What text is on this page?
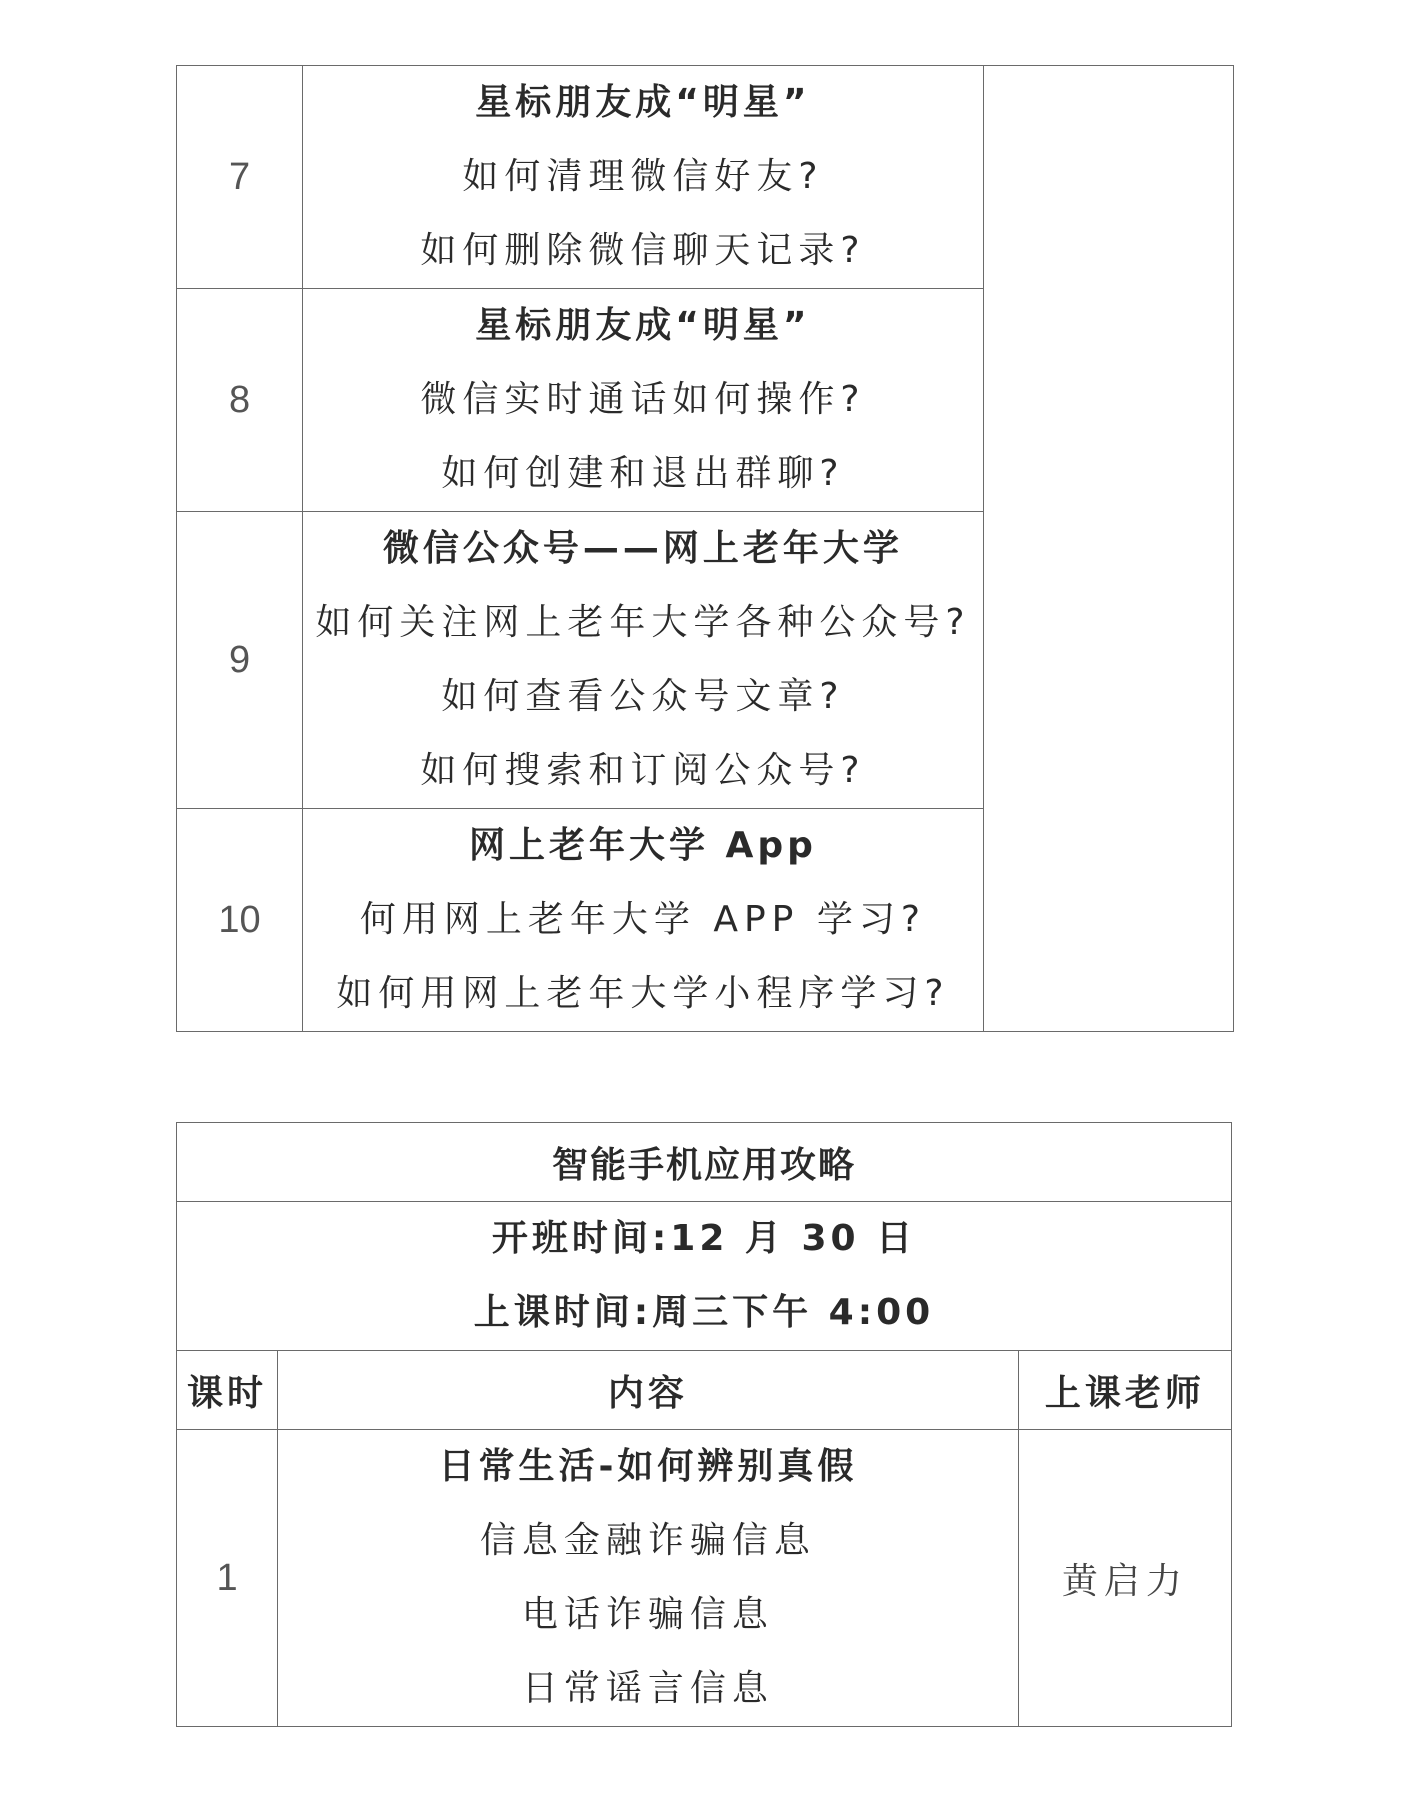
7	星标朋友成“明星”
如何清理微信好友?
如何删除微信聊天记录?	

8	星标朋友成“明星”
微信实时通话如何操作?
如何创建和退出群聊?	

9	微信公众号——网上老年大学
如何关注网上老年大学各种公众号?
如何查看公众号文章?
如何搜索和订阅公众号?	

10	网上老年大学 App
何用网上老年大学 APP 学习?
如何用网上老年大学小程序学习?	
智能手机应用攻略		

开班时间:12 月 30 日
上课时间:周三下午 4:00		

课时	内容	上课老师
1	日常生活-如何辨别真假
信息金融诈骗信息
电话诈骗信息
日常谣言信息	黄启力
